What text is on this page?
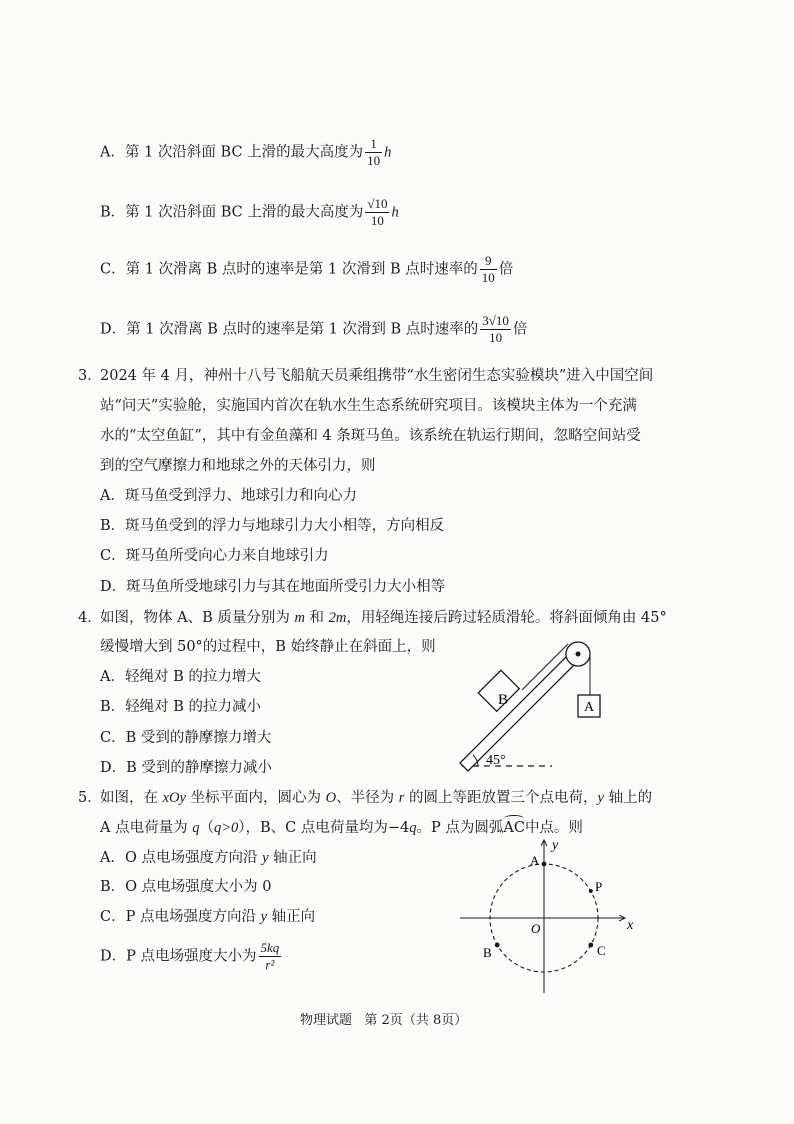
A．第 1 次沿斜面 BC 上滑的最大高度为 $\frac{1}{10}$ h
B．第 1 次沿斜面 BC 上滑的最大高度为 $\frac{√10}{10}$ h
C．第 1 次滑离 B 点时的速率是第 1 次滑到 B 点时速率的 $\frac{9}{10}$ 倍
D．第 1 次滑离 B 点时的速率是第 1 次滑到 B 点时速率的 $\frac{3√10}{10}$ 倍
3．
2024 年 4 月，神州十八号飞船航天员乘组携带“水生密闭生态实验模块”进入中国空间
站“问天”实验舱，实施国内首次在轨水生生态系统研究项目。该模块主体为一个充满
水的“太空鱼缸”，其中有金鱼藻和 4 条斑马鱼。该系统在轨运行期间，忽略空间站受
到的空气摩擦力和地球之外的天体引力，则
A．斑马鱼受到浮力、地球引力和向心力
B．斑马鱼受到的浮力与地球引力大小相等，方向相反
C．斑马鱼所受向心力来自地球引力
D．斑马鱼所受地球引力与其在地面所受引力大小相等
4．
如图，物体 A、B 质量分别为 m 和 2m，用轻绳连接后跨过轻质滑轮。将斜面倾角由 45°
缓慢增大到 50°的过程中，B 始终静止在斜面上，则
A．轻绳对 B 的拉力增大
B．轻绳对 B 的拉力减小
C．B 受到的静摩擦力增大
D．B 受到的静摩擦力减小
B	A
45°
5．
如图，在 xOy 坐标平面内，圆心为 O、半径为 r 的圆上等距放置三个点电荷，y 轴上的
A 点电荷量为 q（q>0），B、C 点电荷量均为−4q。P 点为圆弧AC中点。则
A．O 点电场强度方向沿 y 轴正向
B．O 点电场强度大小为 0
C．P 点电场强度方向沿 y 轴正向
D．P 点电场强度大小为 $\frac{5kq}{\text{r²}}$
y
x
O
A
B	C
P
物理试题 第 2页（共 8页）
